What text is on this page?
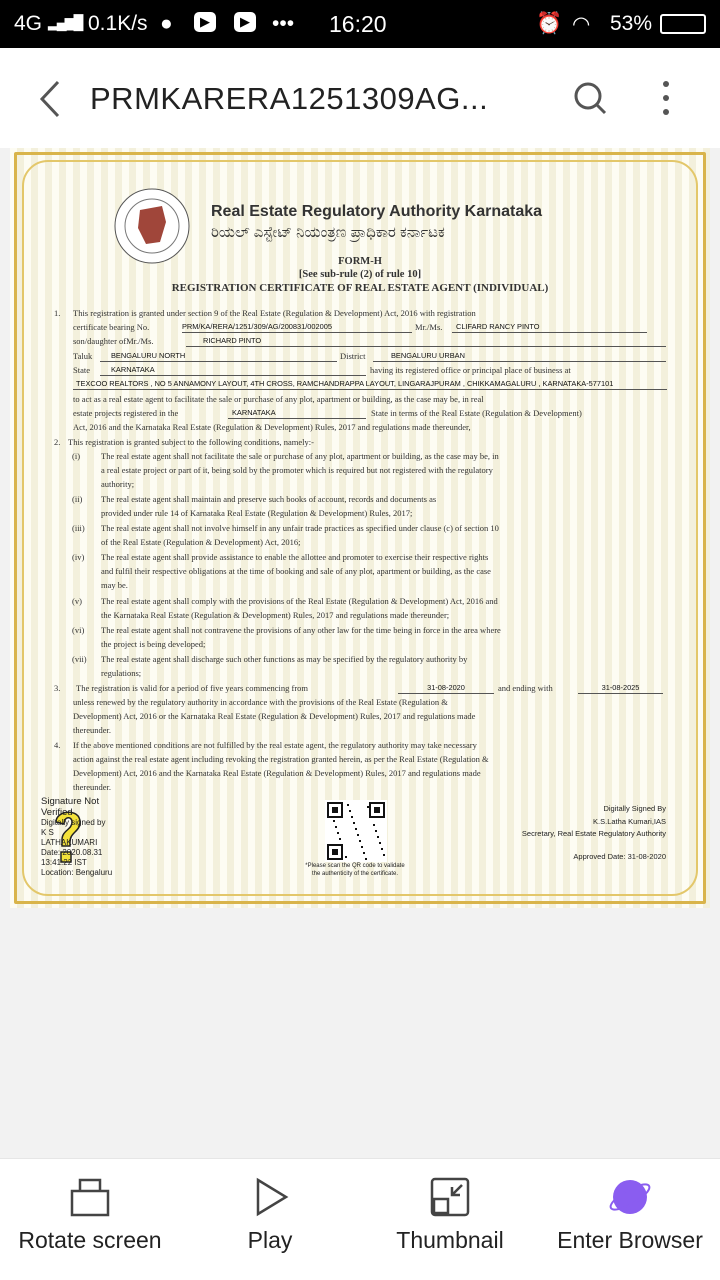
4G ▂▄▆█ 0.1K/s ●	▶	▶ ••• 16:20	⏰ ◠ 53%
PRMKARERA1251309AG...
Real Estate Regulatory Authority Karnataka
ರಿಯಲ್ ಎಸ್ಟೇಟ್ ನಿಯಂತ್ರಣ ಪ್ರಾಧಿಕಾರ ಕರ್ನಾಟಕ
FORM-H
[See sub-rule (2) of rule 10]
REGISTRATION CERTIFICATE OF REAL ESTATE AGENT (INDIVIDUAL)
1. This registration is granted under section 9 of the Real Estate (Regulation & Development) Act, 2016 with registration
certificate bearing No.	PRM/KA/RERA/1251/309/AG/200831/002005	Mr./Ms.	CLIFARD RANCY PINTO
son/daughter ofMr./Ms.	RICHARD PINTO
Taluk	BENGALURU NORTH	District	BENGALURU URBAN
State	KARNATAKA	having its registered office or principal place of business at
TEXCOO REALTORS , NO 5 ANNAMONY LAYOUT, 4TH CROSS, RAMCHANDRAPPA LAYOUT, LINGARAJPURAM , CHIKKAMAGALURU , KARNATAKA-577101
to act as a real estate agent to facilitate the sale or purchase of any plot, apartment or building, as the case may be, in real
estate projects registered in the	KARNATAKA	State in terms of the Real Estate (Regulation & Development)
Act, 2016 and the Karnataka Real Estate (Regulation & Development) Rules, 2017 and regulations made thereunder,
2. This registration is granted subject to the following conditions, namely:-
(i) The real estate agent shall not facilitate the sale or purchase of any plot, apartment or building, as the case may be, in
a real estate project or part of it, being sold by the promoter which is required but not registered with the regulatory
authority;
(ii) The real estate agent shall maintain and preserve such books of account, records and documents as
provided under rule 14 of Karnataka Real Estate (Regulation & Development) Rules, 2017;
(iii) The real estate agent shall not involve himself in any unfair trade practices as specified under clause (c) of section 10
of the Real Estate (Regulation & Development) Act, 2016;
(iv) The real estate agent shall provide assistance to enable the allottee and promoter to exercise their respective rights
and fulfil their respective obligations at the time of booking and sale of any plot, apartment or building, as the case
may be.
(v) The real estate agent shall comply with the provisions of the Real Estate (Regulation & Development) Act, 2016 and
the Karnataka Real Estate (Regulation & Development) Rules, 2017 and regulations made thereunder;
(vi) The real estate agent shall not contravene the provisions of any other law for the time being in force in the area where
the project is being developed;
(vii) The real estate agent shall discharge such other functions as may be specified by the regulatory authority by
regulations;
3. The registration is valid for a period of five years commencing from	31-08-2020	and ending with	31-08-2025
unless renewed by the regulatory authority in accordance with the provisions of the Real Estate (Regulation &
Development) Act, 2016 or the Karnataka Real Estate (Regulation & Development) Rules, 2017 and regulations made
thereunder.
4. If the above mentioned conditions are not fulfilled by the real estate agent, the regulatory authority may take necessary
action against the real estate agent including revoking the registration granted herein, as per the Real Estate (Regulation &
Development) Act, 2016 and the Karnataka Real Estate (Regulation & Development) Rules, 2017 and regulations made
thereunder.
Signature Not
Verified
Digitally signed by
K S
LATHAKUMARI
Date: 2020.08.31
13:41:22 IST
Location: Bengaluru
*Please scan the QR code to validate
the authenticity of the certificate.
Digitally Signed By
K.S.Latha Kumari,IAS
Secretary, Real Estate Regulatory Authority
Approved Date: 31-08-2020
Rotate screen	Play	Thumbnail	Enter Browser
